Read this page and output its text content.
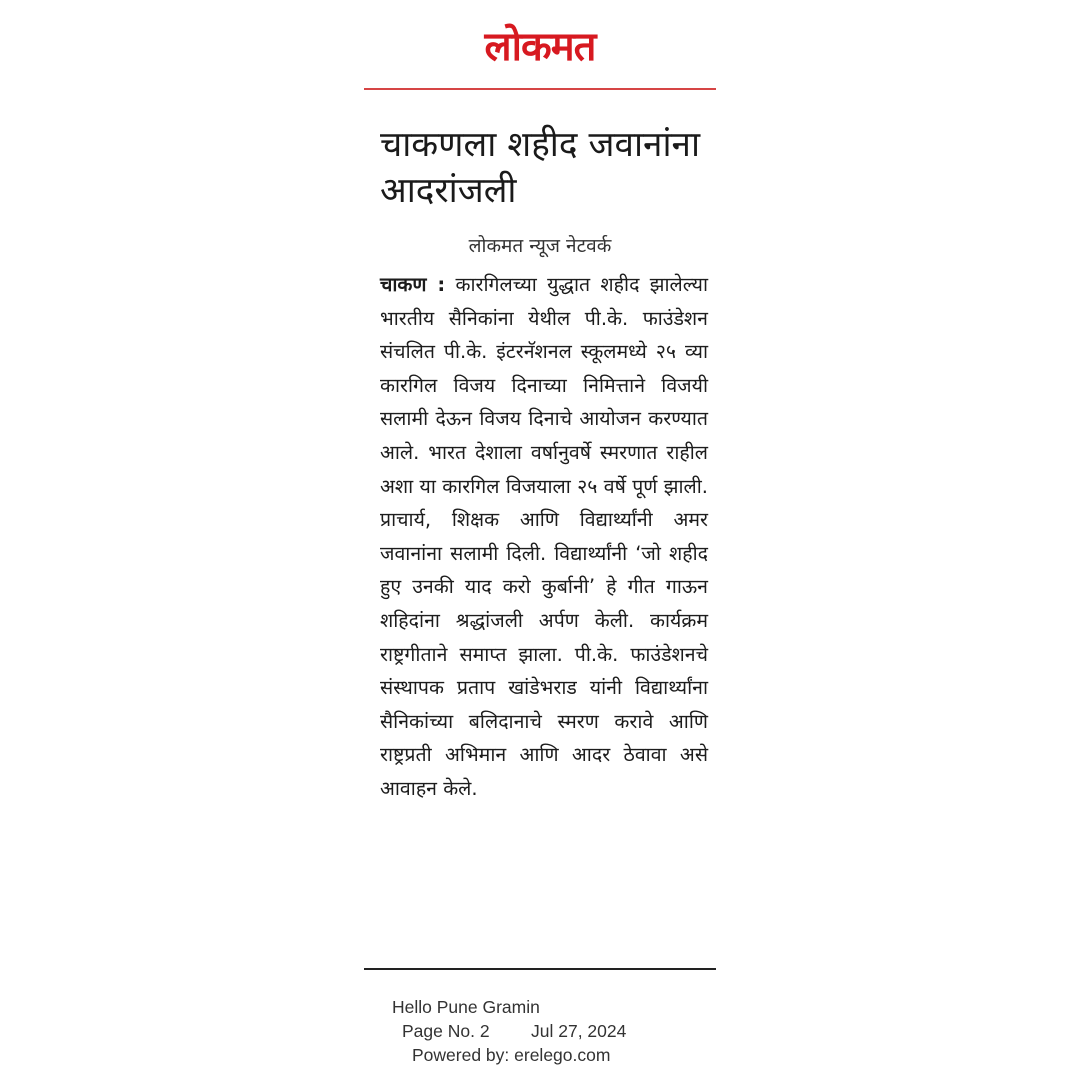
लोकमत
चाकणला शहीद जवानांना आदरांजली
लोकमत न्यूज नेटवर्क

चाकण : कारगिलच्या युद्धात शहीद झालेल्या भारतीय सैनिकांना येथील पी.के. फाउंडेशन संचलित पी.के. इंटरनॅशनल स्कूलमध्ये २५ व्या कारगिल विजय दिनाच्या निमित्ताने विजयी सलामी देऊन विजय दिनाचे आयोजन करण्यात आले. भारत देशाला वर्षानुवर्षे स्मरणात राहील अशा या कारगिल विजयाला २५ वर्षे पूर्ण झाली. प्राचार्य, शिक्षक आणि विद्यार्थ्यांनी अमर जवानांना सलामी दिली. विद्यार्थ्यांनी ‘जो शहीद हुए उनकी याद करो कुर्बानी’ हे गीत गाऊन शहिदांना श्रद्धांजली अर्पण केली. कार्यक्रम राष्ट्रगीताने समाप्त झाला. पी.के. फाउंडेशनचे संस्थापक प्रताप खांडेभराड यांनी विद्यार्थ्यांना सैनिकांच्या बलिदानाचे स्मरण करावे आणि राष्ट्रप्रती अभिमान आणि आदर ठेवावा असे आवाहन केले.

Hello Pune Gramin
Page No. 2 Jul 27, 2024
Powered by: erelego.com
